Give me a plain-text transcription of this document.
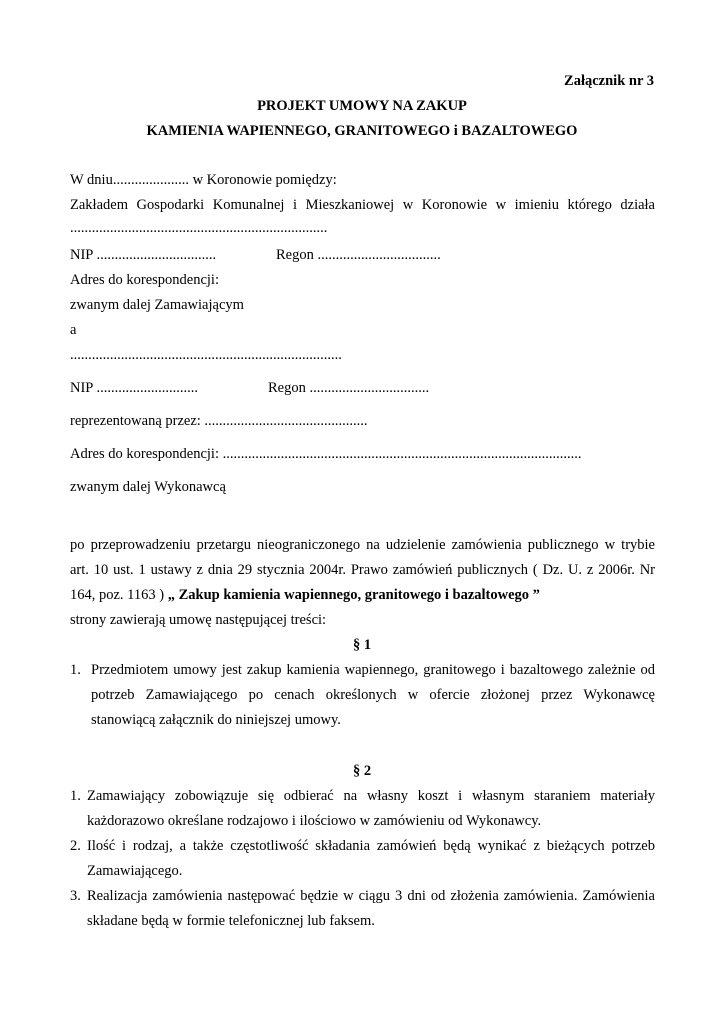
Załącznik nr 3
PROJEKT UMOWY NA ZAKUP
KAMIENIA WAPIENNEGO, GRANITOWEGO i BAZALTOWEGO
W dniu..................... w Koronowie pomiędzy:
Zakładem Gospodarki Komunalnej i Mieszkaniowej w Koronowie w imieniu którego działa
.......................................................................
NIP .................................	Regon ..................................
Adres do korespondencji:
zwanym dalej Zamawiającym
a
...........................................................................
NIP ............................	Regon .................................
reprezentowaną przez: .............................................
Adres do korespondencji: ...................................................................................................
zwanym dalej Wykonawcą
po przeprowadzeniu przetargu nieograniczonego na udzielenie zamówienia publicznego w trybie
art. 10 ust. 1 ustawy z dnia 29 stycznia 2004r. Prawo zamówień publicznych ( Dz. U. z 2006r. Nr
164, poz. 1163 ) „ Zakup kamienia wapiennego, granitowego i bazaltowego ”
strony zawierają umowę następującej treści:
§ 1
1. Przedmiotem umowy jest zakup kamienia wapiennego, granitowego i bazaltowego zależnie od
potrzeb Zamawiającego po cenach określonych w ofercie złożonej przez Wykonawcę
stanowiącą załącznik do niniejszej umowy.
§ 2
1. Zamawiający zobowiązuje się odbierać na własny koszt i własnym staraniem materiały
każdorazowo określane rodzajowo i ilościowo w zamówieniu od Wykonawcy.
2. Ilość i rodzaj, a także częstotliwość składania zamówień będą wynikać z bieżących potrzeb
Zamawiającego.
3. Realizacja zamówienia następować będzie w ciągu 3 dni od złożenia zamówienia. Zamówienia
składane będą w formie telefonicznej lub faksem.
